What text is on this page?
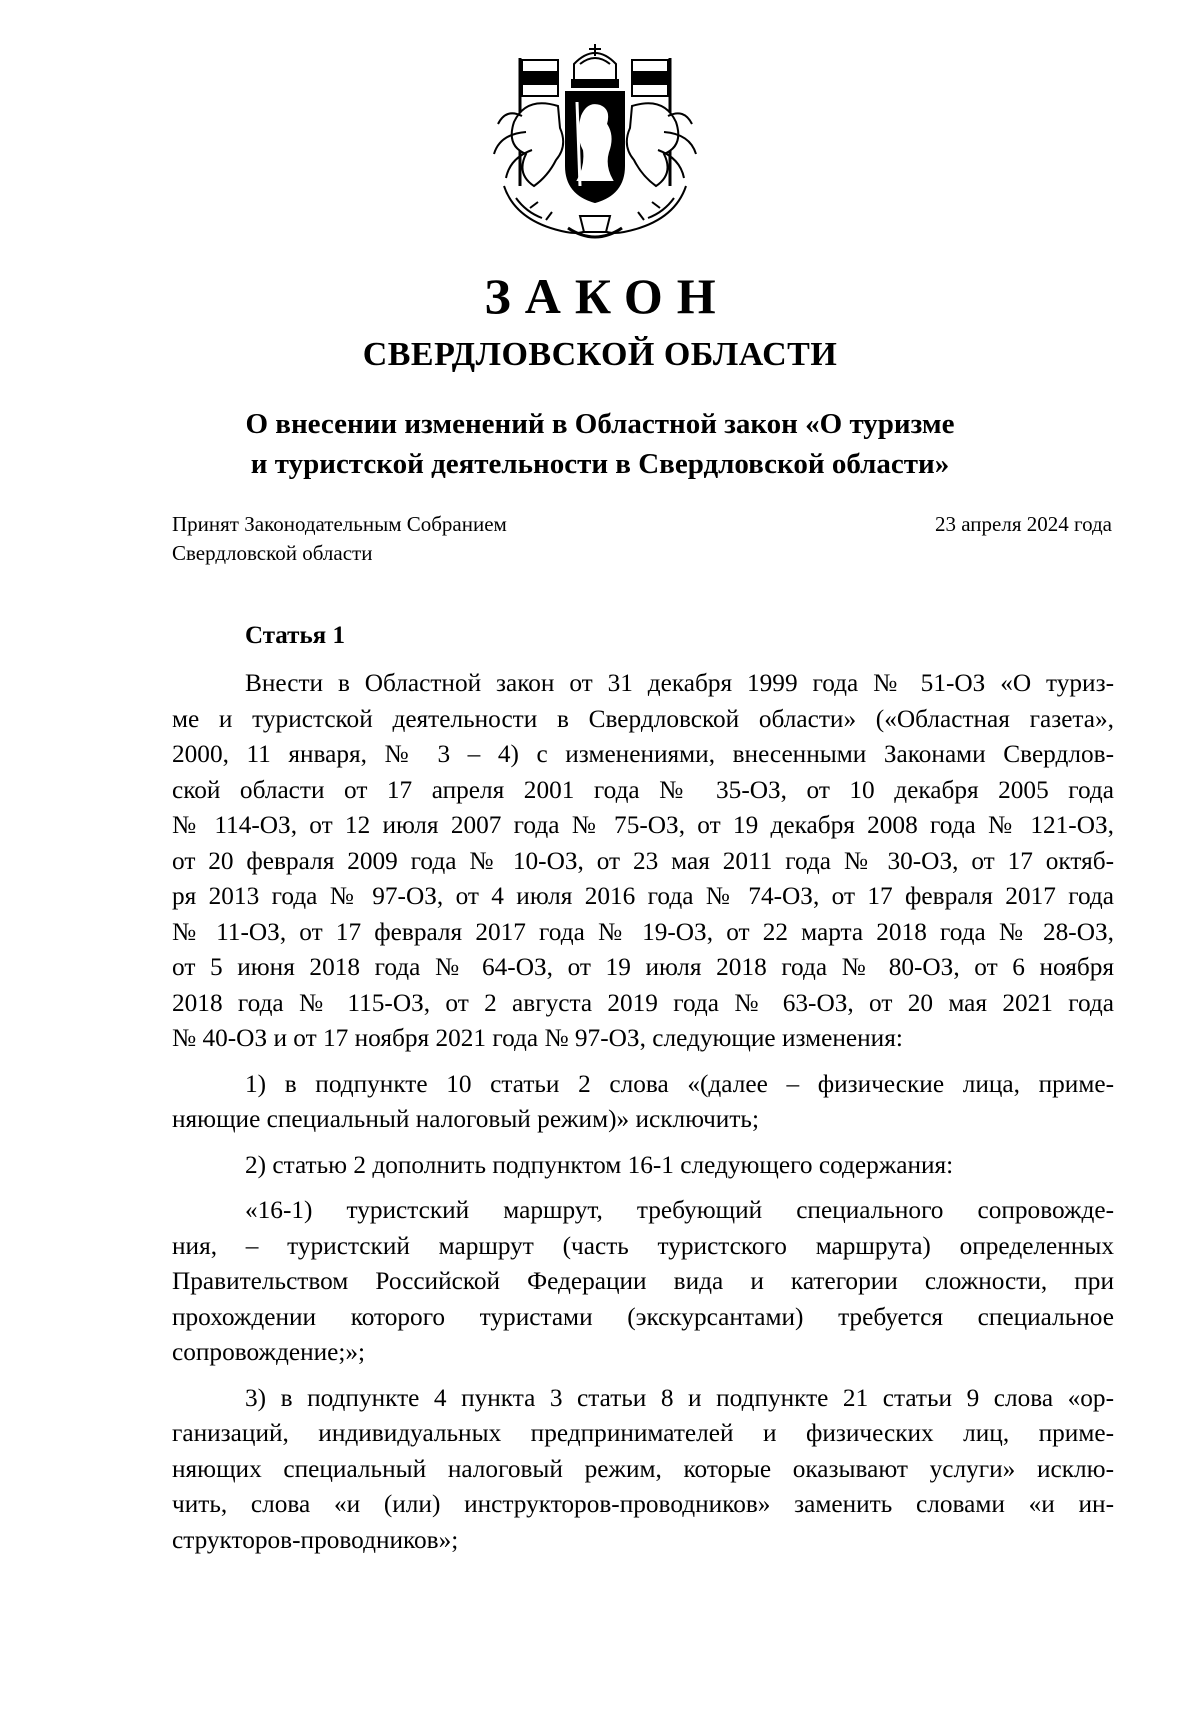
ЗАКОН
СВЕРДЛОВСКОЙ ОБЛАСТИ
О внесении изменений в Областной закон «О туризме
и туристской деятельности в Свердловской области»
Принят Законодательным Собранием
Свердловской области
23 апреля 2024 года
Статья 1
Внести в Областной закон от 31 декабря 1999 года № 51-ОЗ «О туриз-
ме и туристской деятельности в Свердловской области» («Областная газета»,
2000, 11 января, № 3 – 4) с изменениями, внесенными Законами Свердлов-
ской области от 17 апреля 2001 года № 35-ОЗ, от 10 декабря 2005 года
№ 114-ОЗ, от 12 июля 2007 года № 75-ОЗ, от 19 декабря 2008 года № 121-ОЗ,
от 20 февраля 2009 года № 10-ОЗ, от 23 мая 2011 года № 30-ОЗ, от 17 октяб-
ря 2013 года № 97-ОЗ, от 4 июля 2016 года № 74-ОЗ, от 17 февраля 2017 года
№ 11-ОЗ, от 17 февраля 2017 года № 19-ОЗ, от 22 марта 2018 года № 28-ОЗ,
от 5 июня 2018 года № 64-ОЗ, от 19 июля 2018 года № 80-ОЗ, от 6 ноября
2018 года № 115-ОЗ, от 2 августа 2019 года № 63-ОЗ, от 20 мая 2021 года
№ 40-ОЗ и от 17 ноября 2021 года № 97-ОЗ, следующие изменения:
1) в подпункте 10 статьи 2 слова «(далее – физические лица, приме-
няющие специальный налоговый режим)» исключить;
2) статью 2 дополнить подпунктом 16-1 следующего содержания:
«16-1) туристский маршрут, требующий специального сопровожде-
ния, – туристский маршрут (часть туристского маршрута) определенных
Правительством Российской Федерации вида и категории сложности, при
прохождении которого туристами (экскурсантами) требуется специальное
сопровождение;»;
3) в подпункте 4 пункта 3 статьи 8 и подпункте 21 статьи 9 слова «ор-
ганизаций, индивидуальных предпринимателей и физических лиц, приме-
няющих специальный налоговый режим, которые оказывают услуги» исклю-
чить, слова «и (или) инструкторов-проводников» заменить словами «и ин-
структоров-проводников»;
